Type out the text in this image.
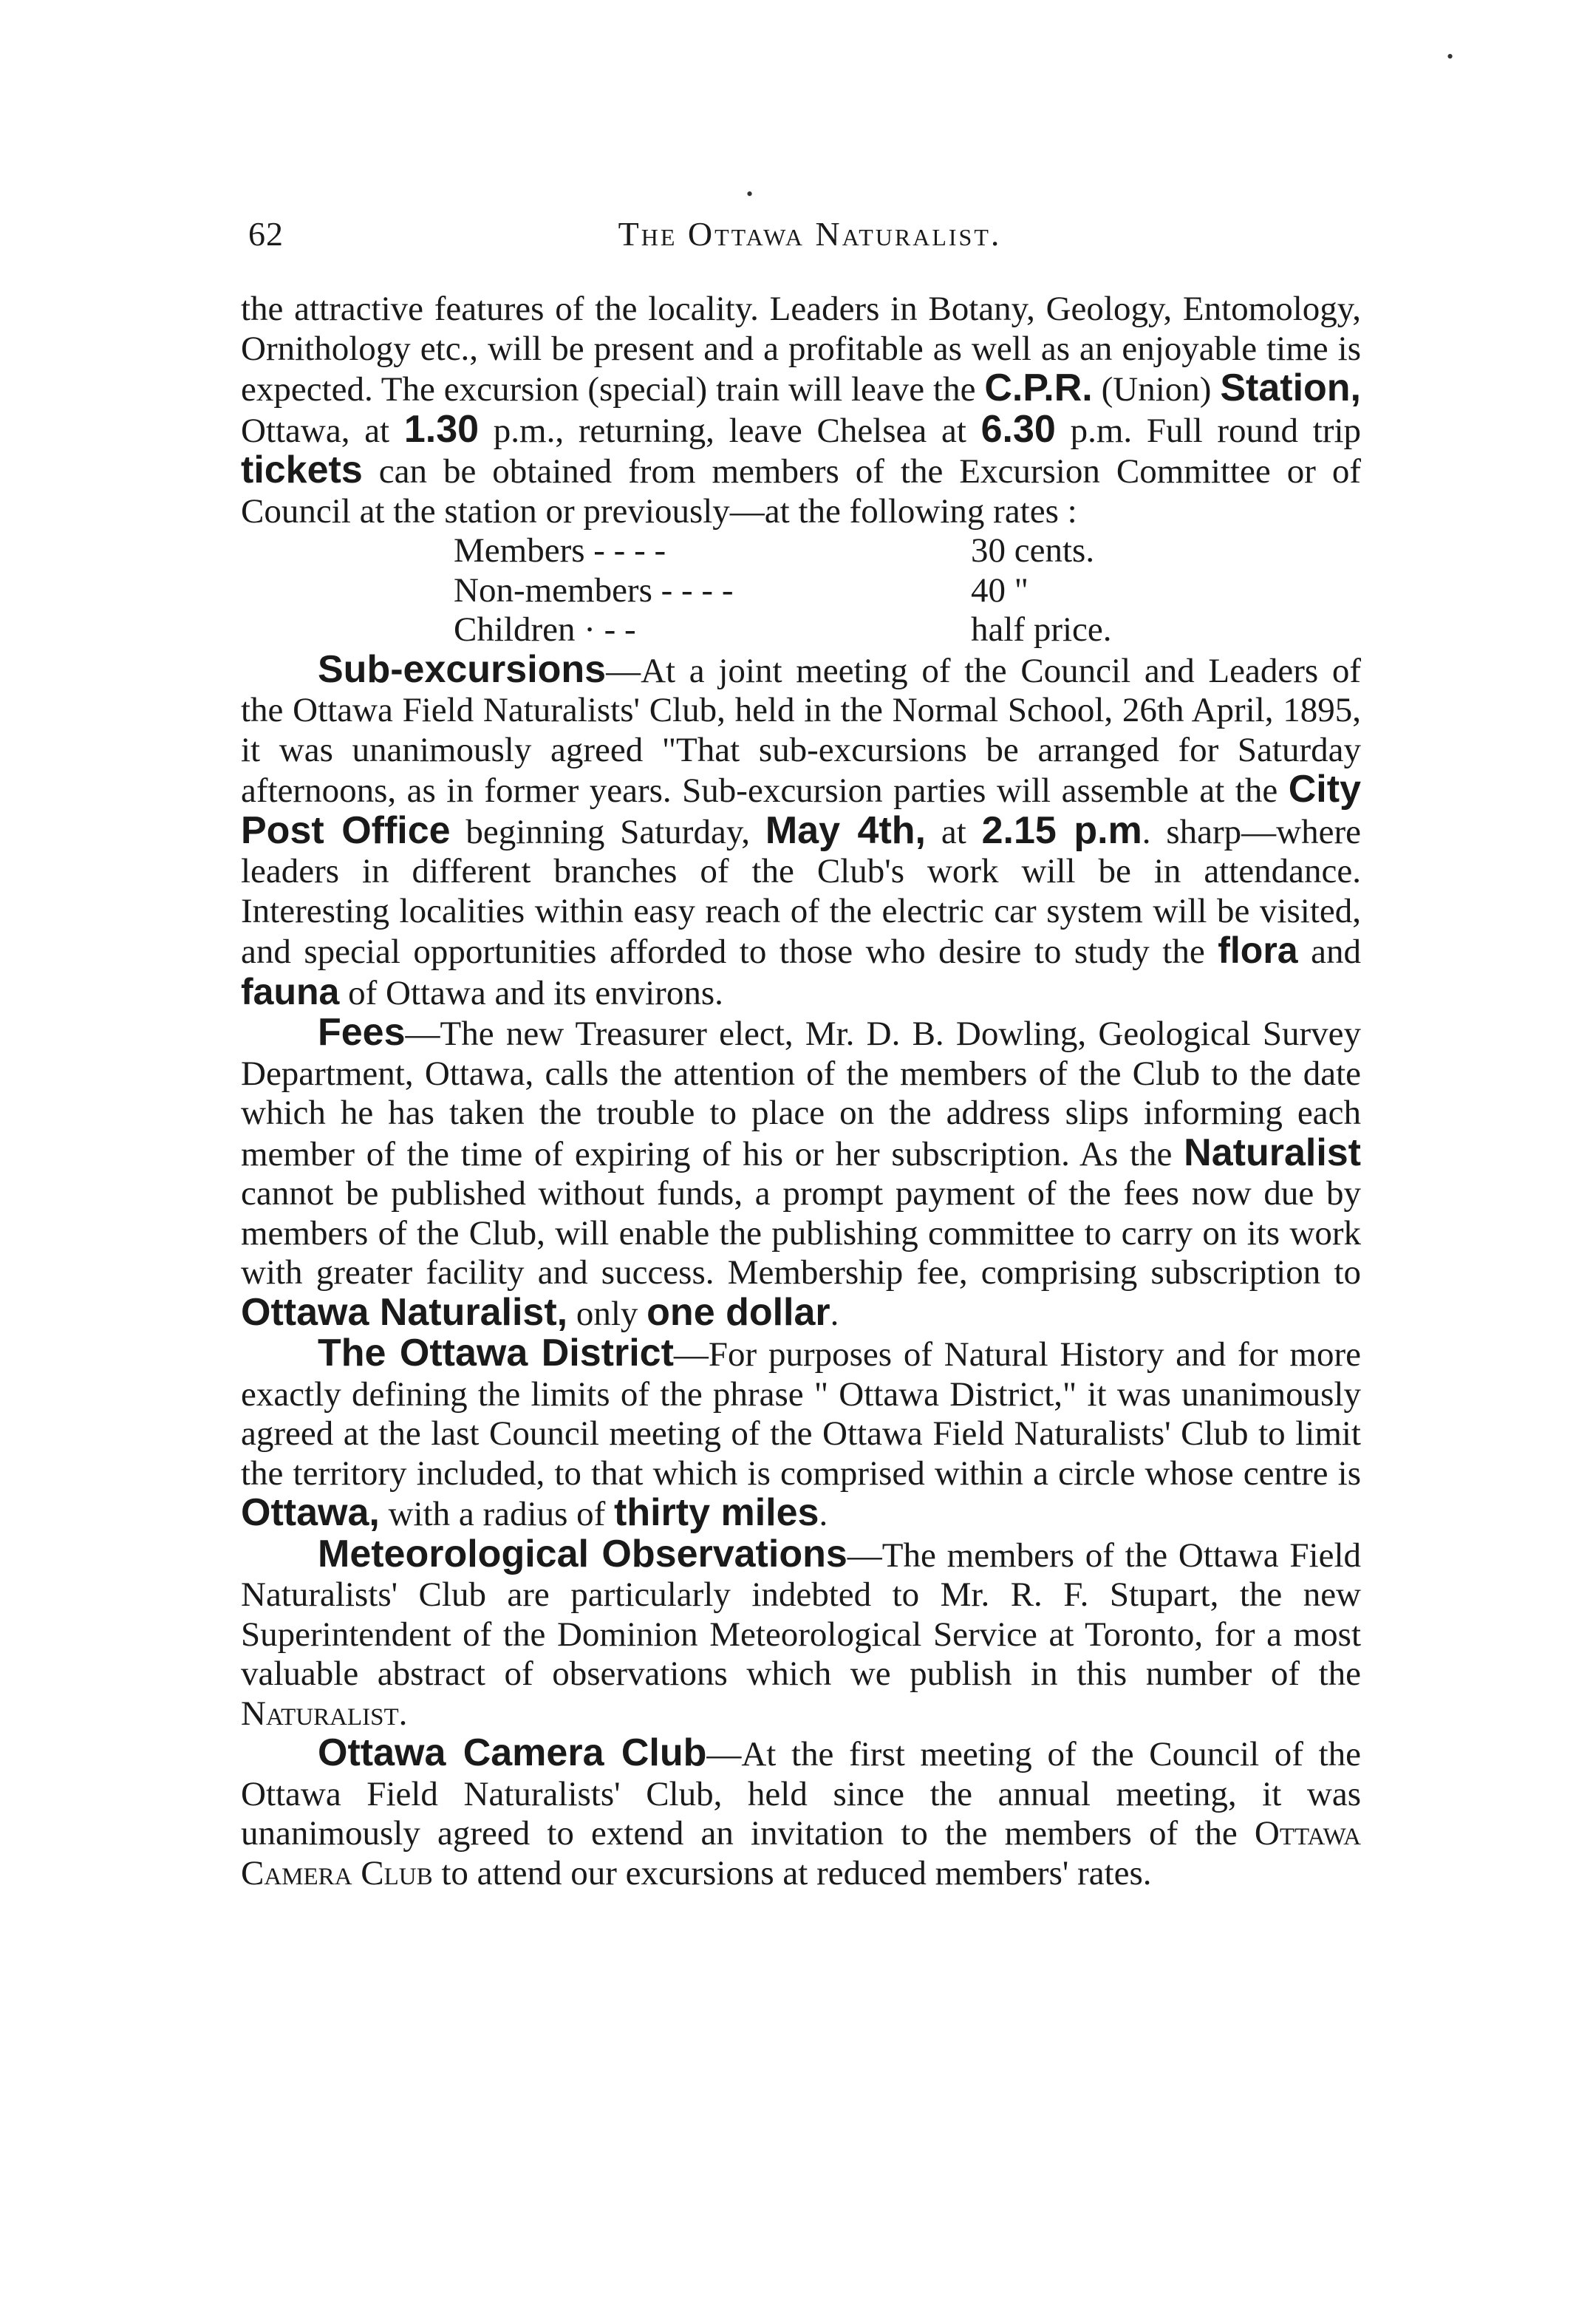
•
•
62	The Ottawa Naturalist.

the attractive features of the locality. Leaders in Botany, Geology, Entomology, Ornithology etc., will be present and a profitable as well as an enjoyable time is expected. The excursion (special) train will leave the C.P.R. (Union) Station, Ottawa, at 1.30 p.m., returning, leave Chelsea at 6.30 p.m. Full round trip tickets can be obtained from members of the Excursion Committee or of Council at the station or previously—at the following rates :

Members - - - -	30 cents.
Non-members - - - -	40 "
Children · - -	half price.

Sub-excursions—At a joint meeting of the Council and Leaders of the Ottawa Field Naturalists' Club, held in the Normal School, 26th April, 1895, it was unanimously agreed "That sub-excursions be arranged for Saturday afternoons, as in former years. Sub-excursion parties will assemble at the City Post Office beginning Saturday, May 4th, at 2.15 p.m. sharp—where leaders in different branches of the Club's work will be in attendance. Interesting localities within easy reach of the electric car system will be visited, and special opportunities afforded to those who desire to study the flora and fauna of Ottawa and its environs.

Fees—The new Treasurer elect, Mr. D. B. Dowling, Geological Survey Department, Ottawa, calls the attention of the members of the Club to the date which he has taken the trouble to place on the address slips informing each member of the time of expiring of his or her subscription. As the Naturalist cannot be published without funds, a prompt payment of the fees now due by members of the Club, will enable the publishing committee to carry on its work with greater facility and success. Membership fee, comprising subscription to Ottawa Naturalist, only one dollar.

The Ottawa District—For purposes of Natural History and for more exactly defining the limits of the phrase " Ottawa District," it was unanimously agreed at the last Council meeting of the Ottawa Field Naturalists' Club to limit the territory included, to that which is comprised within a circle whose centre is Ottawa, with a radius of thirty miles.

Meteorological Observations—The members of the Ottawa Field Naturalists' Club are particularly indebted to Mr. R. F. Stupart, the new Superintendent of the Dominion Meteorological Service at Toronto, for a most valuable abstract of observations which we publish in this number of the Naturalist.

Ottawa Camera Club—At the first meeting of the Council of the Ottawa Field Naturalists' Club, held since the annual meeting, it was unanimously agreed to extend an invitation to the members of the Ottawa Camera Club to attend our excursions at reduced members' rates.
